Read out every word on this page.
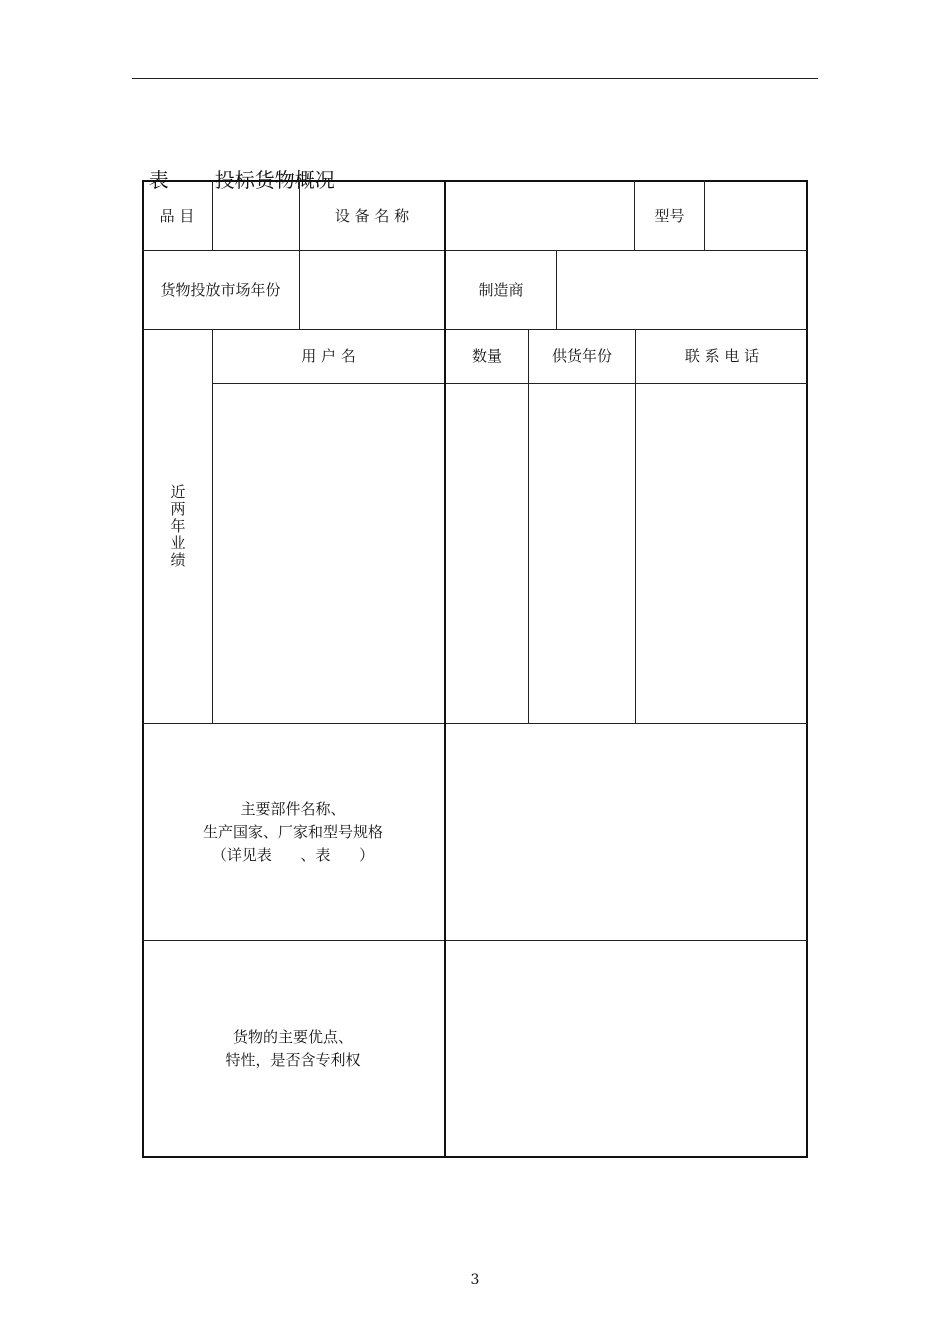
表 投标货物概况

品 目	设 备 名 称	型号
货物投放市场年份	制造商
近两年业绩
用 户 名	数量	供货年份	联 系 电 话
主要部件名称、
生产国家、厂家和型号规格
（详见表      、表      ）
货物的主要优点、
特性，是否含专利权
3
